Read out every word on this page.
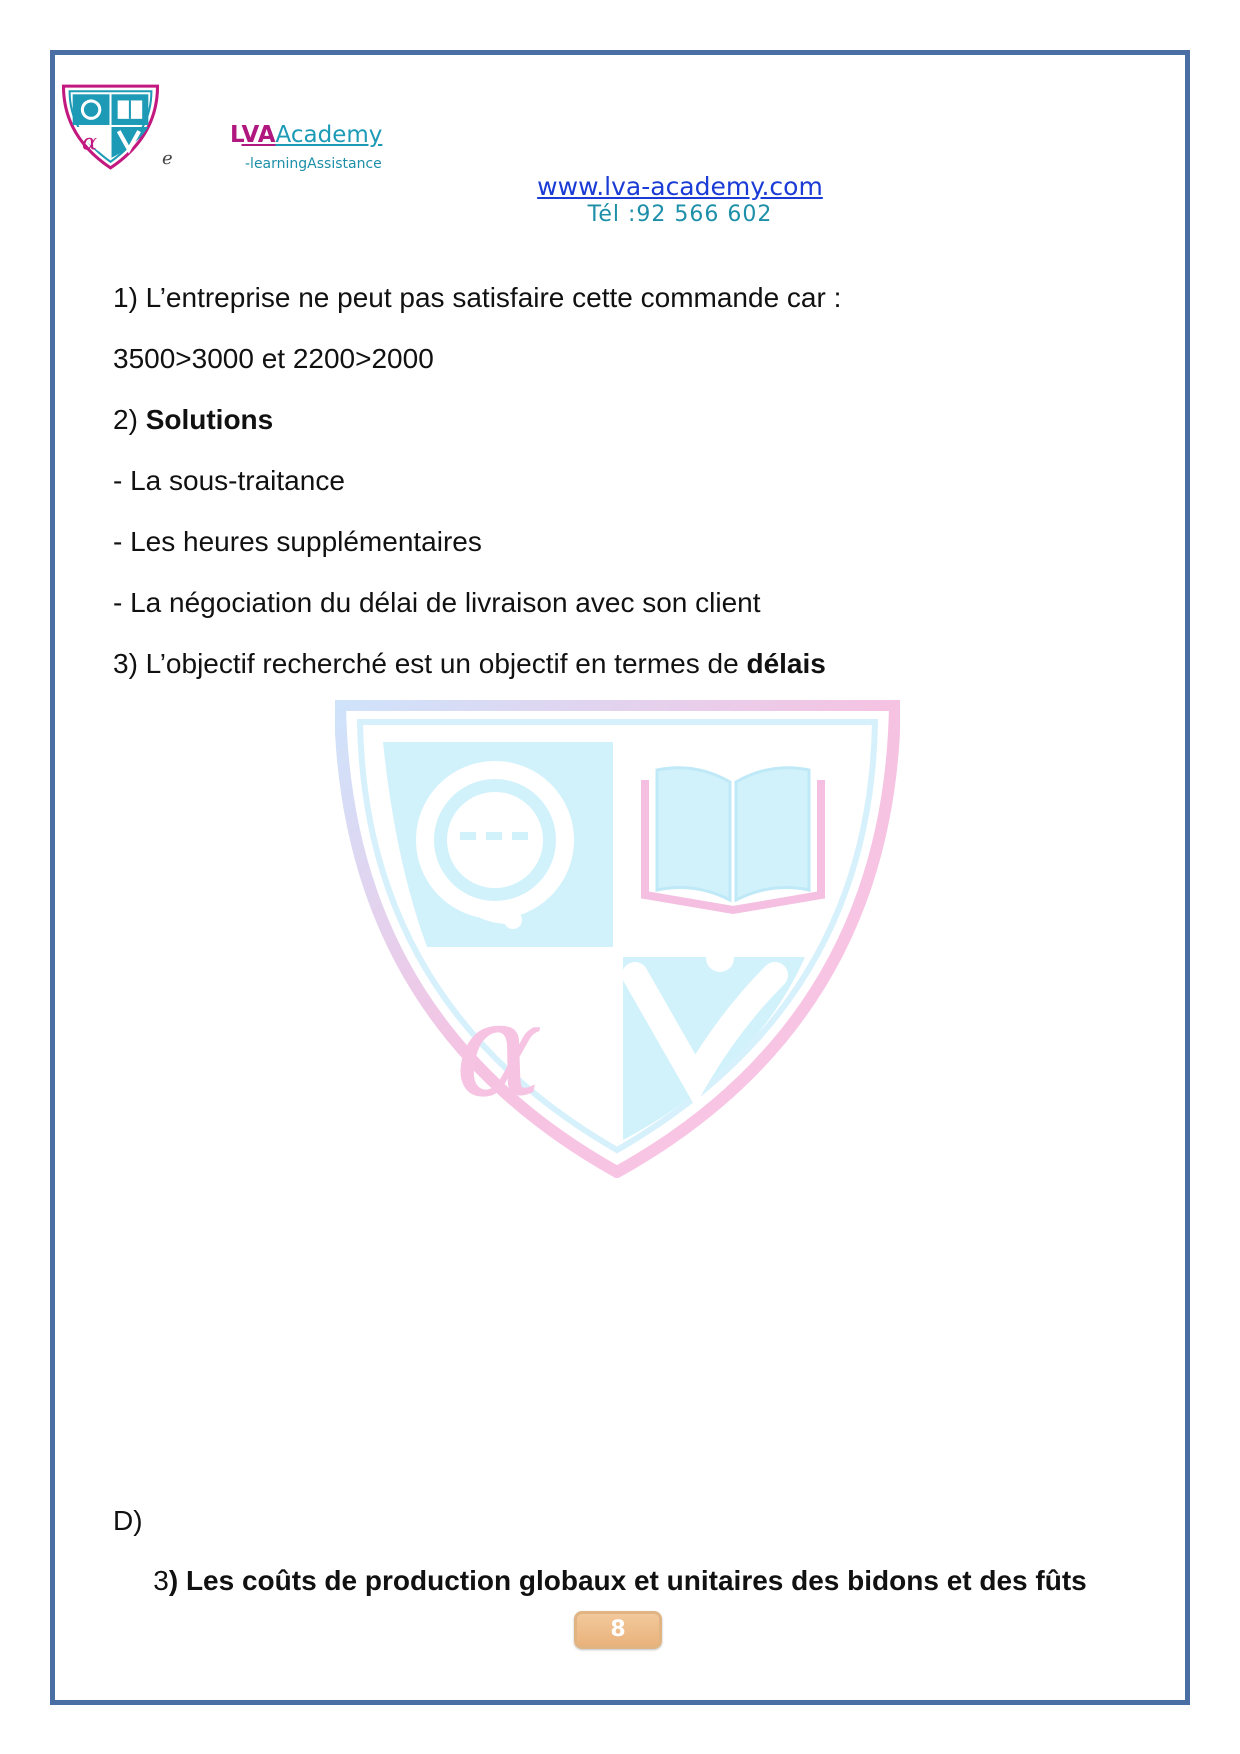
α
e
LVAAcademy
-learningAssistance
www.lva-academy.com
Tél :92 566 602
α
1) L’entreprise ne peut pas satisfaire cette commande car :
3500>3000 et 2200>2000
2) Solutions
- La sous-traitance
- Les heures supplémentaires
- La négociation du délai de livraison avec son client
3) L’objectif recherché est un objectif en termes de délais
D)
3) Les coûts de production globaux et unitaires des bidons et des fûts
8
